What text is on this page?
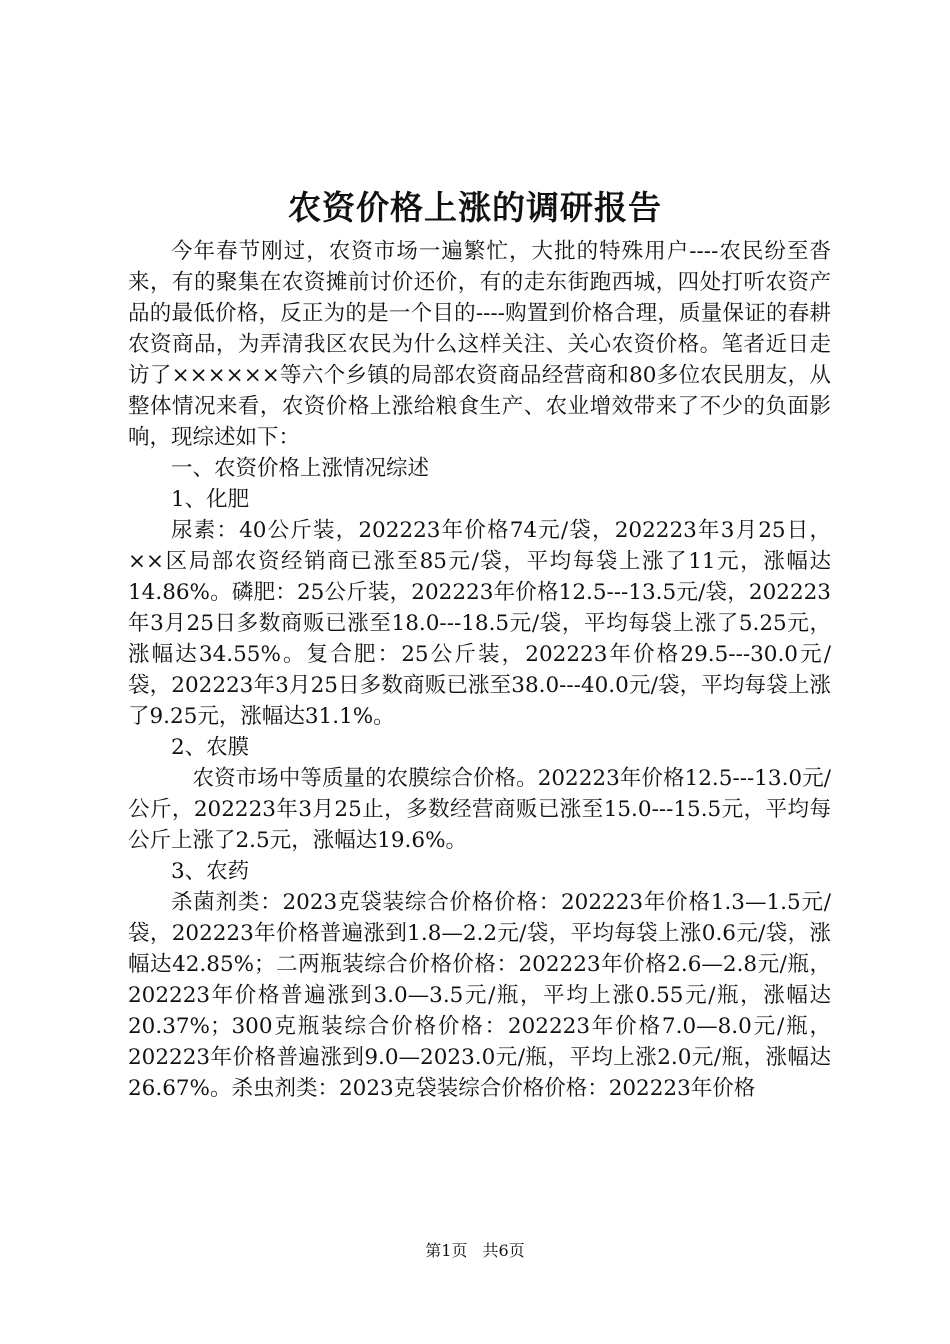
农资价格上涨的调研报告

今年春节刚过，农资市场一遍繁忙，大批的特殊用户----农民纷至沓来，有的聚集在农资摊前讨价还价，有的走东街跑西城，四处打听农资产品的最低价格，反正为的是一个目的----购置到价格合理，质量保证的春耕农资商品，为弄清我区农民为什么这样关注、关心农资价格。笔者近日走访了××××××等六个乡镇的局部农资商品经营商和80多位农民朋友，从整体情况来看，农资价格上涨给粮食生产、农业增效带来了不少的负面影响，现综述如下：

一、农资价格上涨情况综述

1、化肥

尿素：40公斤装，202223年价格74元/袋，202223年3月25日，××区局部农资经销商已涨至85元/袋，平均每袋上涨了11元，涨幅达14.86%。磷肥：25公斤装，202223年价格12.5---13.5元/袋，202223年3月25日多数商贩已涨至18.0---18.5元/袋，平均每袋上涨了5.25元，涨幅达34.55%。复合肥：25公斤装，202223年价格29.5---30.0元/袋，202223年3月25日多数商贩已涨至38.0---40.0元/袋，平均每袋上涨了9.25元，涨幅达31.1%。

2、农膜

农资市场中等质量的农膜综合价格。202223年价格12.5---13.0元/公斤，202223年3月25止，多数经营商贩已涨至15.0---15.5元，平均每公斤上涨了2.5元，涨幅达19.6%。

3、农药

杀菌剂类：2023克袋装综合价格价格：202223年价格1.3—1.5元/袋，202223年价格普遍涨到1.8—2.2元/袋，平均每袋上涨0.6元/袋，涨幅达42.85%；二两瓶装综合价格价格：202223年价格2.6—2.8元/瓶，202223年价格普遍涨到3.0—3.5元/瓶，平均上涨0.55元/瓶，涨幅达20.37%；300克瓶装综合价格价格：202223年价格7.0—8.0元/瓶，202223年价格普遍涨到9.0—2023.0元/瓶，平均上涨2.0元/瓶，涨幅达26.67%。杀虫剂类：2023克袋装综合价格价格：202223年价格

第1页 共6页
